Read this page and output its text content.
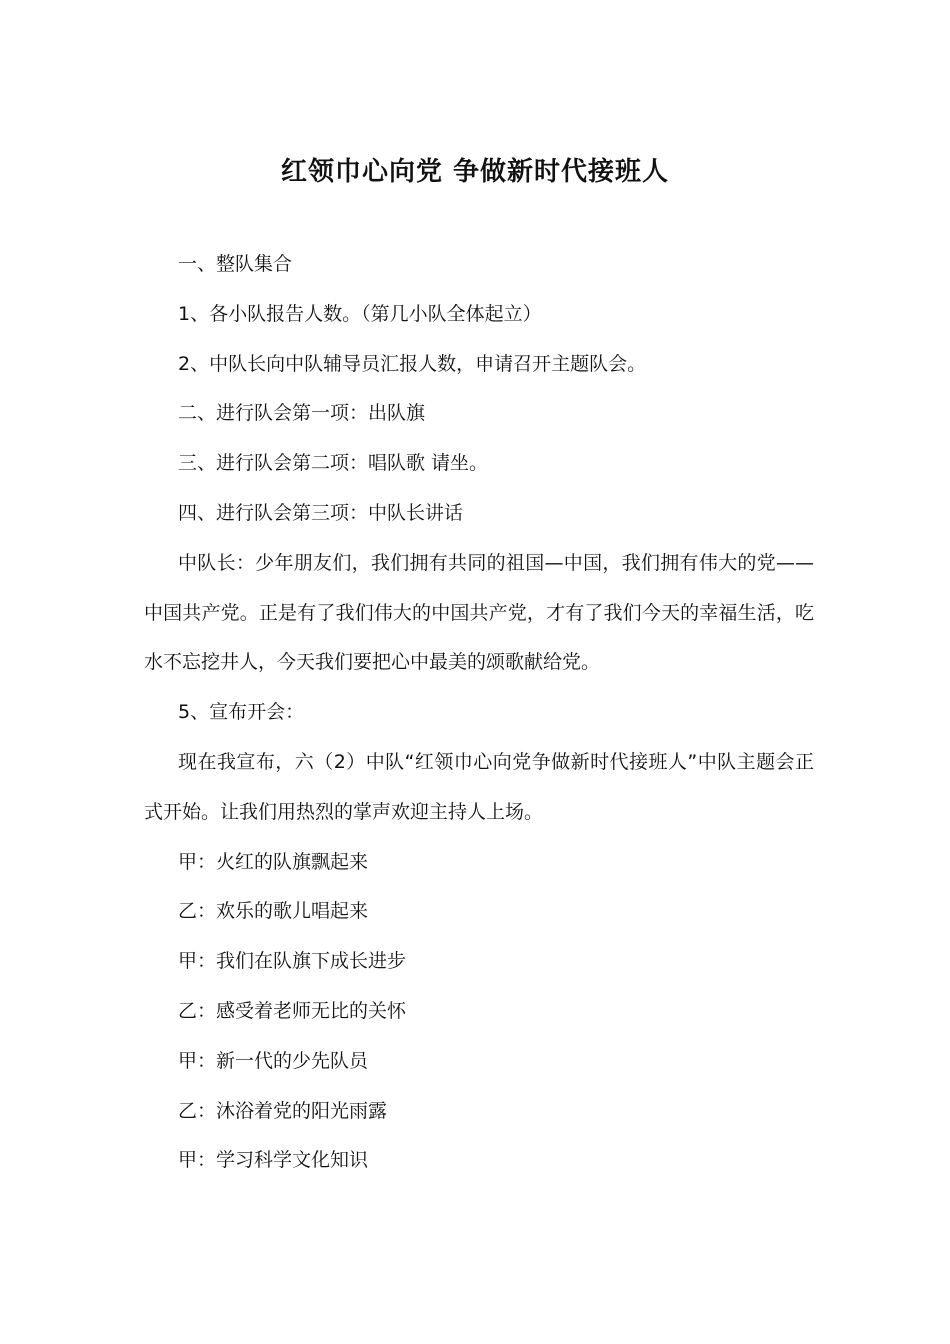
红领巾心向党 争做新时代接班人

一、整队集合

1、各小队报告人数。（第几小队全体起立）

2、中队长向中队辅导员汇报人数，申请召开主题队会。

二、进行队会第一项：出队旗

三、进行队会第二项：唱队歌 请坐。

四、进行队会第三项：中队长讲话

中队长：少年朋友们，我们拥有共同的祖国—中国，我们拥有伟大的党——中国共产党。正是有了我们伟大的中国共产党，才有了我们今天的幸福生活，吃水不忘挖井人，今天我们要把心中最美的颂歌献给党。

5、宣布开会：

现在我宣布，六（2）中队“红领巾心向党争做新时代接班人”中队主题会正式开始。让我们用热烈的掌声欢迎主持人上场。

甲：火红的队旗飘起来

乙：欢乐的歌儿唱起来

甲：我们在队旗下成长进步

乙：感受着老师无比的关怀

甲：新一代的少先队员

乙：沐浴着党的阳光雨露

甲：学习科学文化知识
